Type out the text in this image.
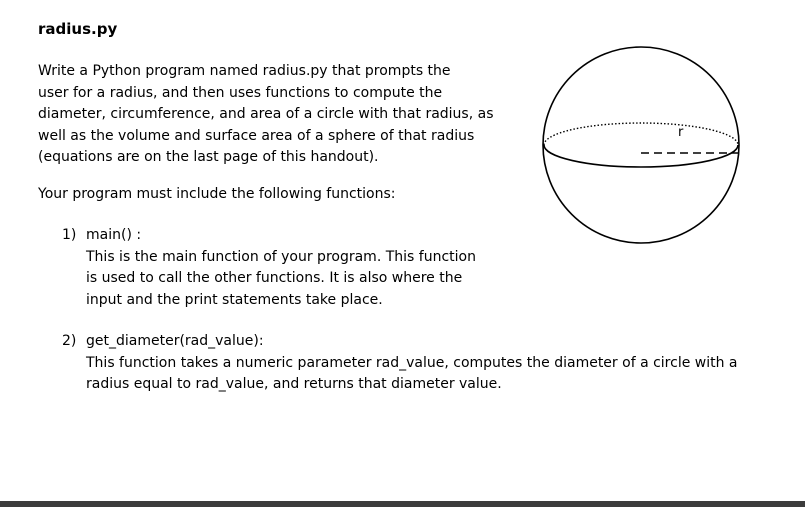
radius.py
Write a Python program named radius.py that prompts the
user for a radius, and then uses functions to compute the
diameter, circumference, and area of a circle with that radius, as
well as the volume and surface area of a sphere of that radius
(equations are on the last page of this handout).
Your program must include the following functions:
1) main() :
This is the main function of your program. This function
is used to call the other functions. It is also where the
input and the print statements take place.
2) get_diameter(rad_value):
This function takes a numeric parameter rad_value, computes the diameter of a circle with a
radius equal to rad_value, and returns that diameter value.
r
